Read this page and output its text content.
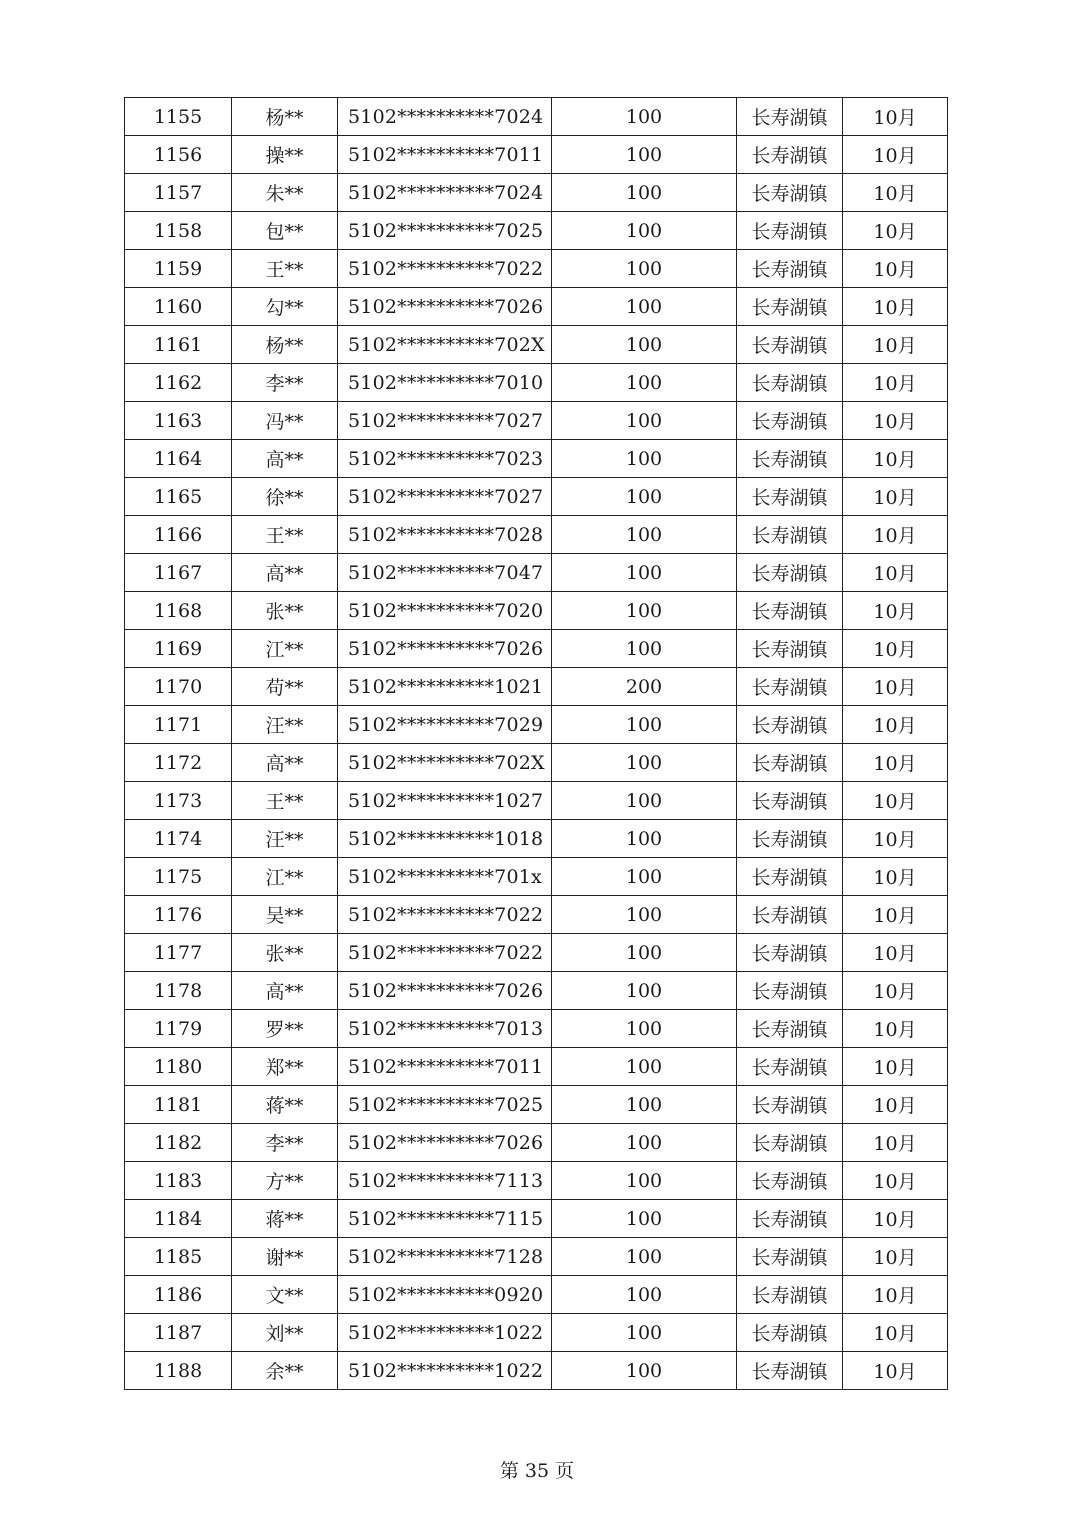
1155	杨**	5102**********7024	100	长寿湖镇	10月
1156	操**	5102**********7011	100	长寿湖镇	10月
1157	朱**	5102**********7024	100	长寿湖镇	10月
1158	包**	5102**********7025	100	长寿湖镇	10月
1159	王**	5102**********7022	100	长寿湖镇	10月
1160	勾**	5102**********7026	100	长寿湖镇	10月
1161	杨**	5102**********702X	100	长寿湖镇	10月
1162	李**	5102**********7010	100	长寿湖镇	10月
1163	冯**	5102**********7027	100	长寿湖镇	10月
1164	高**	5102**********7023	100	长寿湖镇	10月
1165	徐**	5102**********7027	100	长寿湖镇	10月
1166	王**	5102**********7028	100	长寿湖镇	10月
1167	高**	5102**********7047	100	长寿湖镇	10月
1168	张**	5102**********7020	100	长寿湖镇	10月
1169	江**	5102**********7026	100	长寿湖镇	10月
1170	苟**	5102**********1021	200	长寿湖镇	10月
1171	汪**	5102**********7029	100	长寿湖镇	10月
1172	高**	5102**********702X	100	长寿湖镇	10月
1173	王**	5102**********1027	100	长寿湖镇	10月
1174	汪**	5102**********1018	100	长寿湖镇	10月
1175	江**	5102**********701x	100	长寿湖镇	10月
1176	吴**	5102**********7022	100	长寿湖镇	10月
1177	张**	5102**********7022	100	长寿湖镇	10月
1178	高**	5102**********7026	100	长寿湖镇	10月
1179	罗**	5102**********7013	100	长寿湖镇	10月
1180	郑**	5102**********7011	100	长寿湖镇	10月
1181	蒋**	5102**********7025	100	长寿湖镇	10月
1182	李**	5102**********7026	100	长寿湖镇	10月
1183	方**	5102**********7113	100	长寿湖镇	10月
1184	蒋**	5102**********7115	100	长寿湖镇	10月
1185	谢**	5102**********7128	100	长寿湖镇	10月
1186	文**	5102**********0920	100	长寿湖镇	10月
1187	刘**	5102**********1022	100	长寿湖镇	10月
1188	余**	5102**********1022	100	长寿湖镇	10月
第 35 页
